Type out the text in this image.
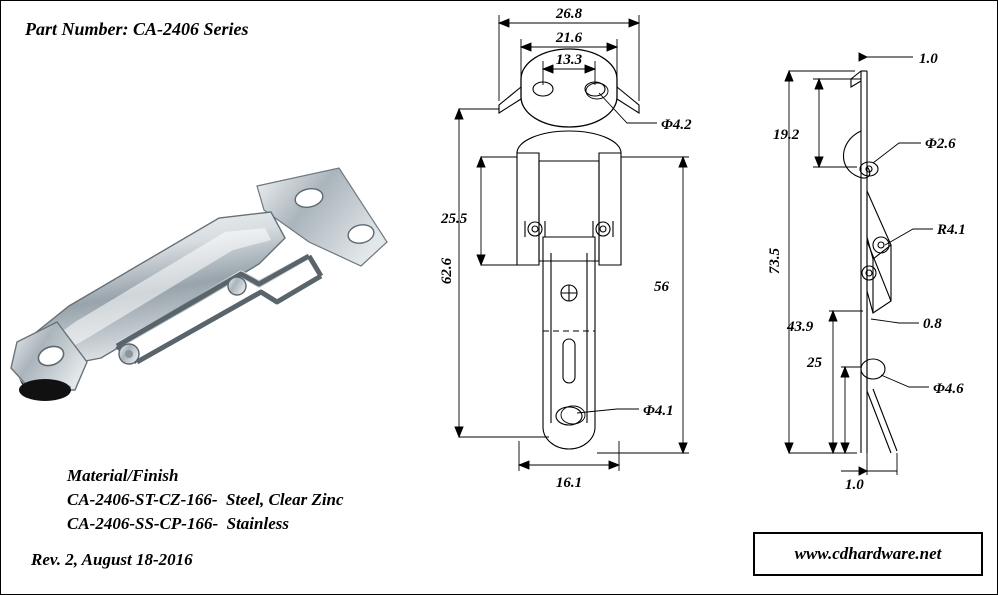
Part Number: CA-2406 Series
26.8
21.6
13.3
Φ4.2
25.5
62.6
56
Φ4.1
16.1
1.0
19.2
Φ2.6
R4.1
73.5
43.9	0.8
25
Φ4.6
1.0
Material/Finish
CA-2406-ST-CZ-166-  Steel, Clear Zinc
CA-2406-SS-CP-166-  Stainless
Rev. 2, August 18-2016	www.cdhardware.net
